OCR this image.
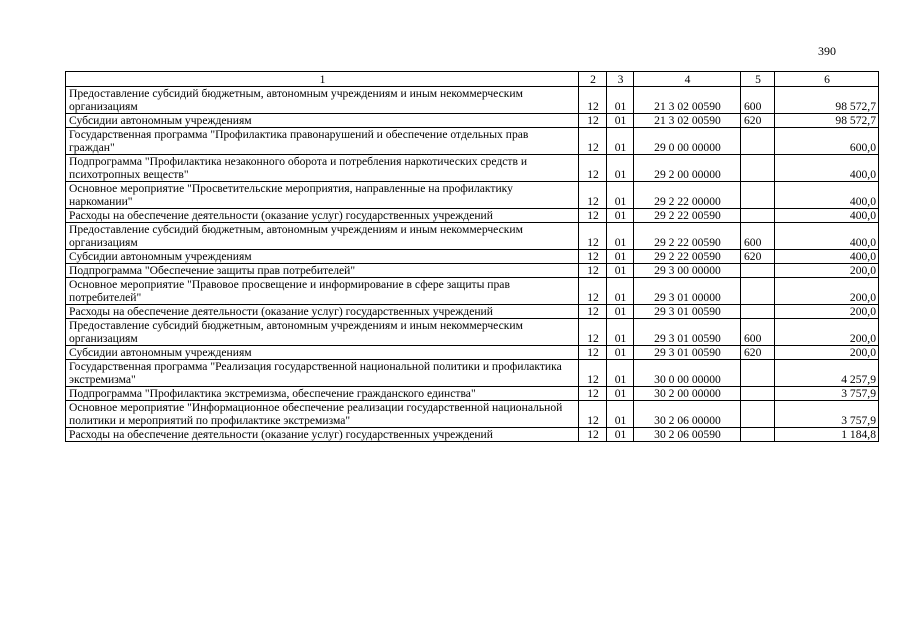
390
1	2	3	4	5	6
Предоставление субсидий бюджетным, автономным учреждениям и иным некоммерческим организациям	12	01	21 3 02 00590	600	98 572,7
Субсидии автономным учреждениям	12	01	21 3 02 00590	620	98 572,7
Государственная программа "Профилактика правонарушений и обеспечение отдельных прав граждан"	12	01	29 0 00 00000		600,0
Подпрограмма "Профилактика незаконного оборота и потребления наркотических средств и психотропных веществ"	12	01	29 2 00 00000		400,0
Основное мероприятие "Просветительские мероприятия, направленные на профилактику наркомании"	12	01	29 2 22 00000		400,0
Расходы на обеспечение деятельности (оказание услуг) государственных учреждений	12	01	29 2 22 00590		400,0
Предоставление субсидий бюджетным, автономным учреждениям и иным некоммерческим организациям	12	01	29 2 22 00590	600	400,0
Субсидии автономным учреждениям	12	01	29 2 22 00590	620	400,0
Подпрограмма "Обеспечение защиты прав потребителей"	12	01	29 3 00 00000		200,0
Основное мероприятие "Правовое просвещение и информирование в сфере защиты прав потребителей"	12	01	29 3 01 00000		200,0
Расходы на обеспечение деятельности (оказание услуг) государственных учреждений	12	01	29 3 01 00590		200,0
Предоставление субсидий бюджетным, автономным учреждениям и иным некоммерческим организациям	12	01	29 3 01 00590	600	200,0
Субсидии автономным учреждениям	12	01	29 3 01 00590	620	200,0
Государственная программа "Реализация государственной национальной политики и профилактика экстремизма"	12	01	30 0 00 00000		4 257,9
Подпрограмма "Профилактика экстремизма, обеспечение гражданского единства"	12	01	30 2 00 00000		3 757,9
Основное мероприятие "Информационное обеспечение реализации государственной национальной политики и мероприятий по профилактике экстремизма"	12	01	30 2 06 00000		3 757,9
Расходы на обеспечение деятельности (оказание услуг) государственных учреждений	12	01	30 2 06 00590		1 184,8
